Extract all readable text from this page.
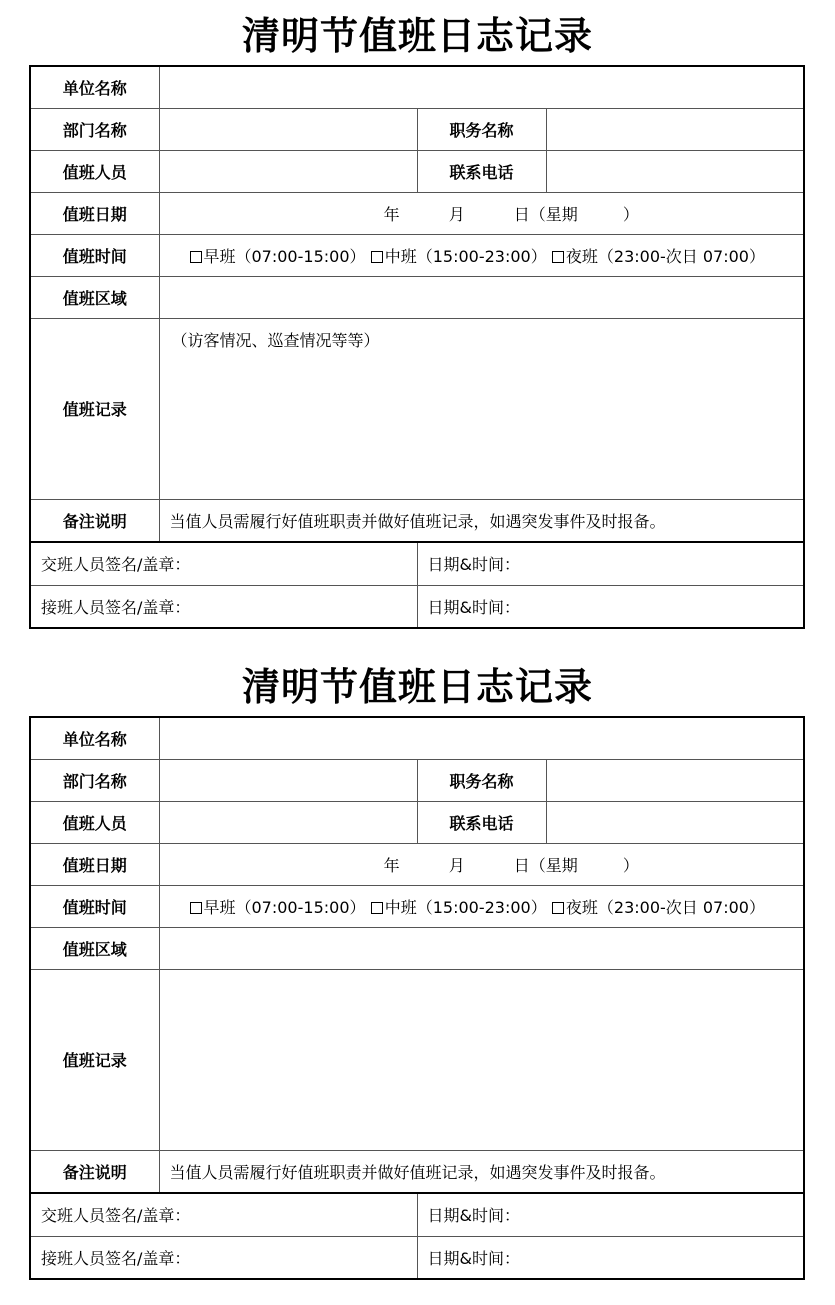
清明节值班日志记录
单位名称			
部门名称		职务名称	
值班人员		联系电话	
值班日期	年 月 日（星期 ）		
值班时间	早班（07:00-15:00） 中班（15:00-23:00） 夜班（23:00-次日 07:00）		

值班区域			
值班记录	（访客情况、巡查情况等等）		
备注说明	当值人员需履行好值班职责并做好值班记录，如遇突发事件及时报备。		
交班人员签名/盖章：		日期&时间：	
接班人员签名/盖章：		日期&时间：	
清明节值班日志记录
单位名称			
部门名称		职务名称	
值班人员		联系电话	
值班日期	年 月 日（星期 ）		
值班时间	早班（07:00-15:00） 中班（15:00-23:00） 夜班（23:00-次日 07:00）		

值班区域			
值班记录			
备注说明	当值人员需履行好值班职责并做好值班记录，如遇突发事件及时报备。		
交班人员签名/盖章：		日期&时间：	
接班人员签名/盖章：		日期&时间：	
